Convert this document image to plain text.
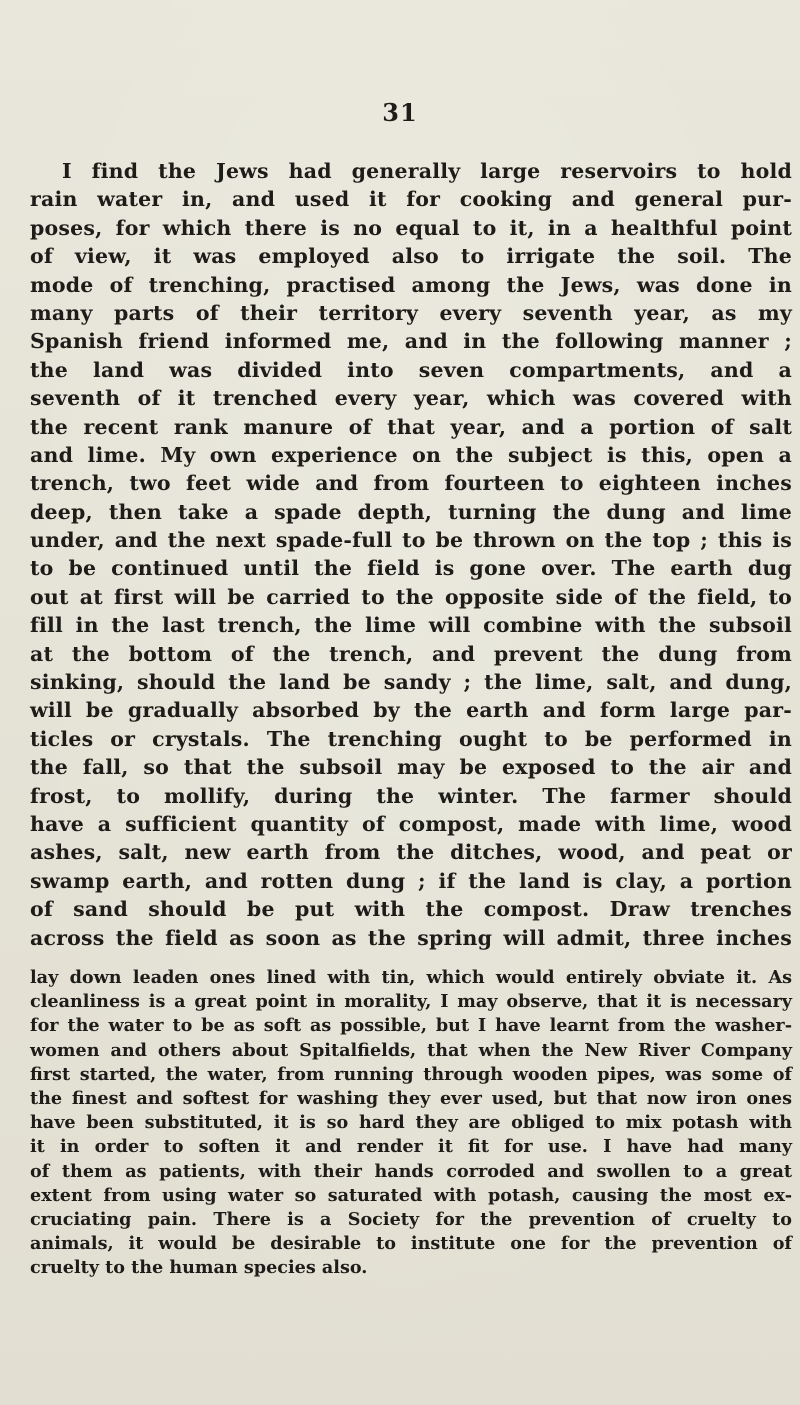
31
I find the Jews had generally large reservoirs to hold
rain water in, and used it for cooking and general pur-
poses, for which there is no equal to it, in a healthful point
of view, it was employed also to irrigate the soil. The
mode of trenching, practised among the Jews, was done in
many parts of their territory every seventh year, as my
Spanish friend informed me, and in the following manner ;
the land was divided into seven compartments, and a
seventh of it trenched every year, which was covered with
the recent rank manure of that year, and a portion of salt
and lime. My own experience on the subject is this, open a
trench, two feet wide and from fourteen to eighteen inches
deep, then take a spade depth, turning the dung and lime
under, and the next spade-full to be thrown on the top ; this is
to be continued until the field is gone over. The earth dug
out at first will be carried to the opposite side of the field, to
fill in the last trench, the lime will combine with the subsoil
at the bottom of the trench, and prevent the dung from
sinking, should the land be sandy ; the lime, salt, and dung,
will be gradually absorbed by the earth and form large par-
ticles or crystals. The trenching ought to be performed in
the fall, so that the subsoil may be exposed to the air and
frost, to mollify, during the winter. The farmer should
have a sufficient quantity of compost, made with lime, wood
ashes, salt, new earth from the ditches, wood, and peat or
swamp earth, and rotten dung ; if the land is clay, a portion
of sand should be put with the compost. Draw trenches
across the field as soon as the spring will admit, three inches
lay down leaden ones lined with tin, which would entirely obviate it. As
cleanliness is a great point in morality, I may observe, that it is necessary
for the water to be as soft as possible, but I have learnt from the washer-
women and others about Spitalfields, that when the New River Company
first started, the water, from running through wooden pipes, was some of
the finest and softest for washing they ever used, but that now iron ones
have been substituted, it is so hard they are obliged to mix potash with
it in order to soften it and render it fit for use. I have had many
of them as patients, with their hands corroded and swollen to a great
extent from using water so saturated with potash, causing the most ex-
cruciating pain. There is a Society for the prevention of cruelty to
animals, it would be desirable to institute one for the prevention of
cruelty to the human species also.
